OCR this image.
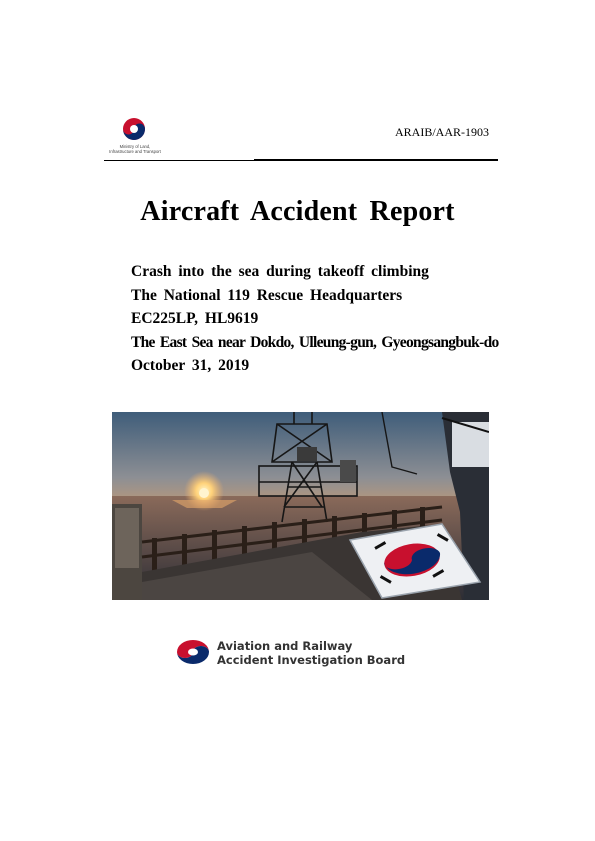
Ministry of Land,
Infrastructure and Transport
ARAIB/AAR-1903
Aircraft Accident Report
Crash into the sea during takeoff climbing
The National 119 Rescue Headquarters
EC225LP, HL9619
The East Sea near Dokdo, Ulleung-gun, Gyeongsangbuk-do
October 31, 2019
Aviation and Railway
Accident Investigation Board
